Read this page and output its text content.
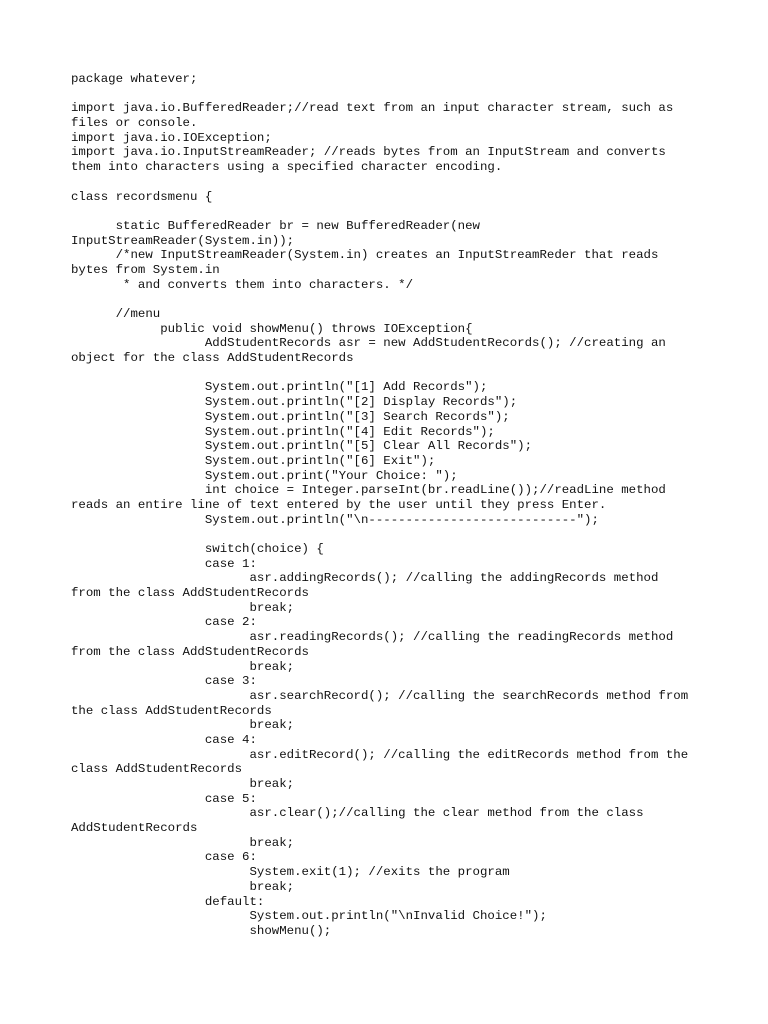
package whatever;
import java.io.BufferedReader;//read text from an input character stream, such as
files or console.
import java.io.IOException;
import java.io.InputStreamReader; //reads bytes from an InputStream and converts
them into characters using a specified character encoding.
class recordsmenu {
static BufferedReader br = new BufferedReader(new
InputStreamReader(System.in));
/*new InputStreamReader(System.in) creates an InputStreamReder that reads
bytes from System.in
* and converts them into characters. */
//menu
public void showMenu() throws IOException{
AddStudentRecords asr = new AddStudentRecords(); //creating an
object for the class AddStudentRecords
System.out.println("[1] Add Records");
System.out.println("[2] Display Records");
System.out.println("[3] Search Records");
System.out.println("[4] Edit Records");
System.out.println("[5] Clear All Records");
System.out.println("[6] Exit");
System.out.print("Your Choice: ");
int choice = Integer.parseInt(br.readLine());//readLine method
reads an entire line of text entered by the user until they press Enter.
System.out.println("\n----------------------------");
switch(choice) {
case 1:
asr.addingRecords(); //calling the addingRecords method
from the class AddStudentRecords
break;
case 2:
asr.readingRecords(); //calling the readingRecords method
from the class AddStudentRecords
break;
case 3:
asr.searchRecord(); //calling the searchRecords method from
the class AddStudentRecords
break;
case 4:
asr.editRecord(); //calling the editRecords method from the
class AddStudentRecords
break;
case 5:
asr.clear();//calling the clear method from the class
AddStudentRecords
break;
case 6:
System.exit(1); //exits the program
break;
default:
System.out.println("\nInvalid Choice!");
showMenu();
